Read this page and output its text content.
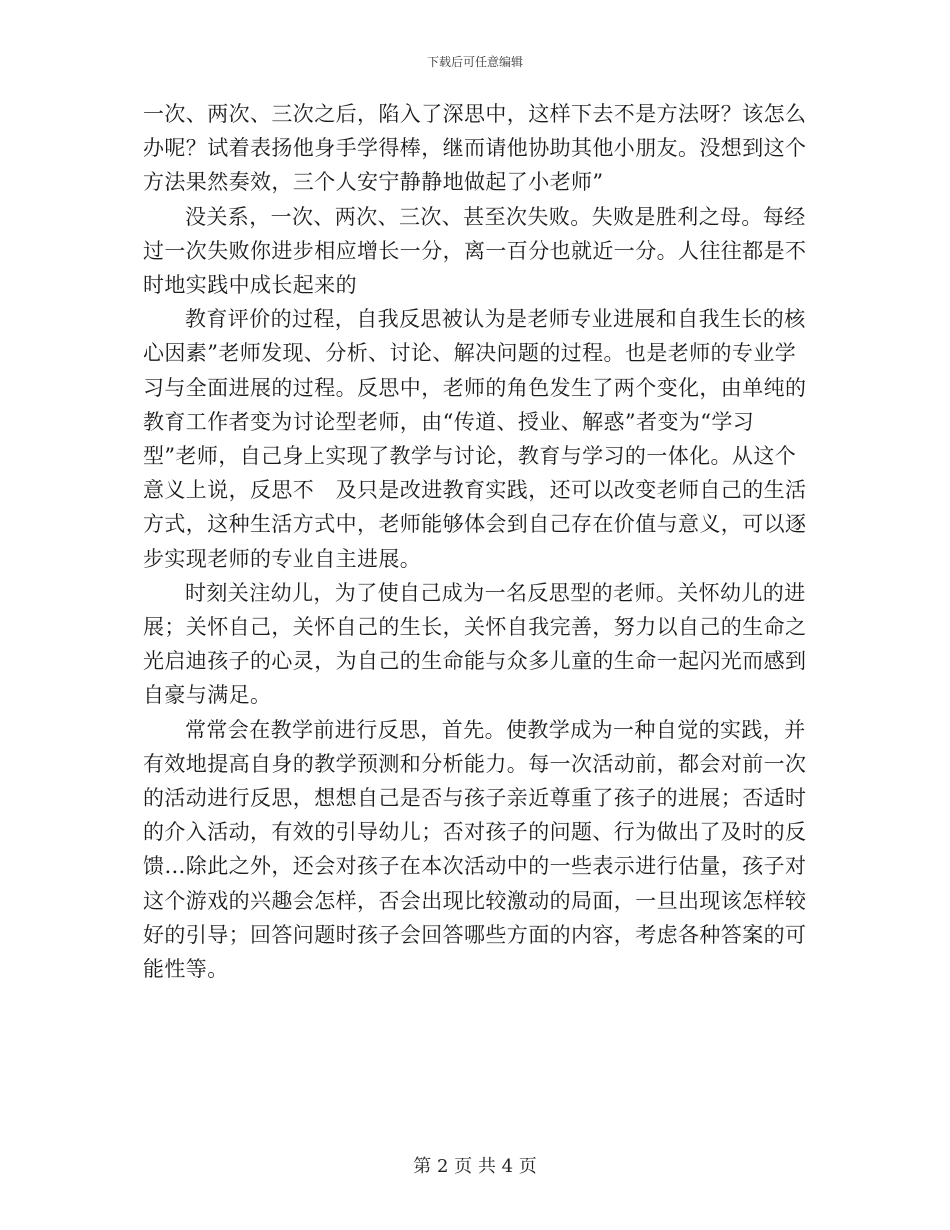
下载后可任意编辑

一次、两次、三次之后，陷入了深思中，这样下去不是方法呀？该怎么办呢？试着表扬他身手学得棒，继而请他协助其他小朋友。没想到这个方法果然奏效，三个人安宁静静地做起了小老师”

没关系，一次、两次、三次、甚至次失败。失败是胜利之母。每经过一次失败你进步相应增长一分，离一百分也就近一分。人往往都是不时地实践中成长起来的

教育评价的过程，自我反思被认为是老师专业进展和自我生长的核心因素”老师发现、分析、讨论、解决问题的过程。也是老师的专业学习与全面进展的过程。反思中，老师的角色发生了两个变化，由单纯的教育工作者变为讨论型老师，由“传道、授业、解惑”者变为“学习型”老师，自己身上实现了教学与讨论，教育与学习的一体化。从这个意义上说，反思不　及只是改进教育实践，还可以改变老师自己的生活方式，这种生活方式中，老师能够体会到自己存在价值与意义，可以逐步实现老师的专业自主进展。

时刻关注幼儿，为了使自己成为一名反思型的老师。关怀幼儿的进展；关怀自己，关怀自己的生长，关怀自我完善，努力以自己的生命之光启迪孩子的心灵，为自己的生命能与众多儿童的生命一起闪光而感到自豪与满足。

常常会在教学前进行反思，首先。使教学成为一种自觉的实践，并有效地提高自身的教学预测和分析能力。每一次活动前，都会对前一次的活动进行反思，想想自己是否与孩子亲近尊重了孩子的进展；否适时的介入活动，有效的引导幼儿；否对孩子的问题、行为做出了及时的反馈…除此之外，还会对孩子在本次活动中的一些表示进行估量，孩子对这个游戏的兴趣会怎样，否会出现比较激动的局面，一旦出现该怎样较好的引导；回答问题时孩子会回答哪些方面的内容，考虑各种答案的可能性等。

第 2 页 共 4 页
